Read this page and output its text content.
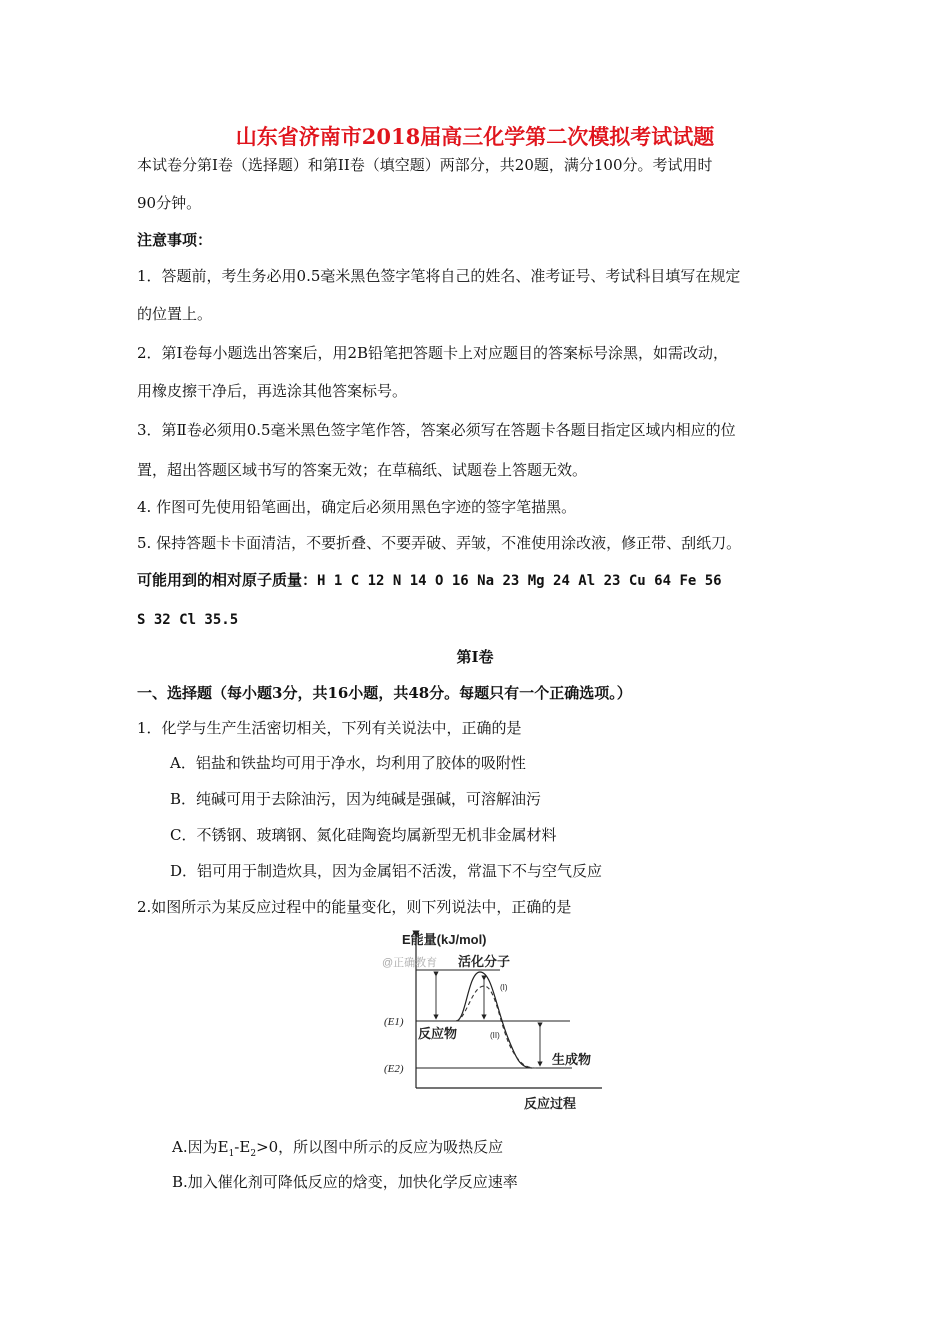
山东省济南市2018届高三化学第二次模拟考试试题
本试卷分第Ⅰ卷（选择题）和第II卷（填空题）两部分，共20题，满分100分。考试用时
90分钟。
注意事项：
1．答题前，考生务必用0.5毫米黑色签字笔将自己的姓名、准考证号、考试科目填写在规定
的位置上。
2．第Ⅰ卷每小题选出答案后，用2B铅笔把答题卡上对应题目的答案标号涂黑，如需改动，
用橡皮擦干净后，再选涂其他答案标号。
3．第Ⅱ卷必须用0.5毫米黑色签字笔作答，答案必须写在答题卡各题目指定区域内相应的位
置，超出答题区域书写的答案无效；在草稿纸、试题卷上答题无效。
4. 作图可先使用铅笔画出，确定后必须用黑色字迹的签字笔描黑。
5. 保持答题卡卡面清洁，不要折叠、不要弄破、弄皱，不准使用涂改液，修正带、刮纸刀。
可能用到的相对原子质量：H 1 C 12 N 14 O 16 Na 23 Mg 24 Al 23 Cu 64 Fe 56
S 32 Cl 35.5
第Ⅰ卷
一、选择题（每小题3分，共16小题，共48分。每题只有一个正确选项。）
1．化学与生产生活密切相关，下列有关说法中，正确的是
A．铝盐和铁盐均可用于净水，均利用了胶体的吸附性
B．纯碱可用于去除油污，因为纯碱是强碱，可溶解油污
C．不锈钢、玻璃钢、氮化硅陶瓷均属新型无机非金属材料
D．铝可用于制造炊具，因为金属铝不活泼，常温下不与空气反应
2.如图所示为某反应过程中的能量变化，则下列说法中，正确的是
E能量(kJ/mol)
@正确教育 活化分子
(I)
(II)
(E1)
(E2)
反应物
生成物
反应过程
A.因为$E_1-E_2>0$，所以图中所示的反应为吸热反应
B.加入催化剂可降低反应的焓变，加快化学反应速率
